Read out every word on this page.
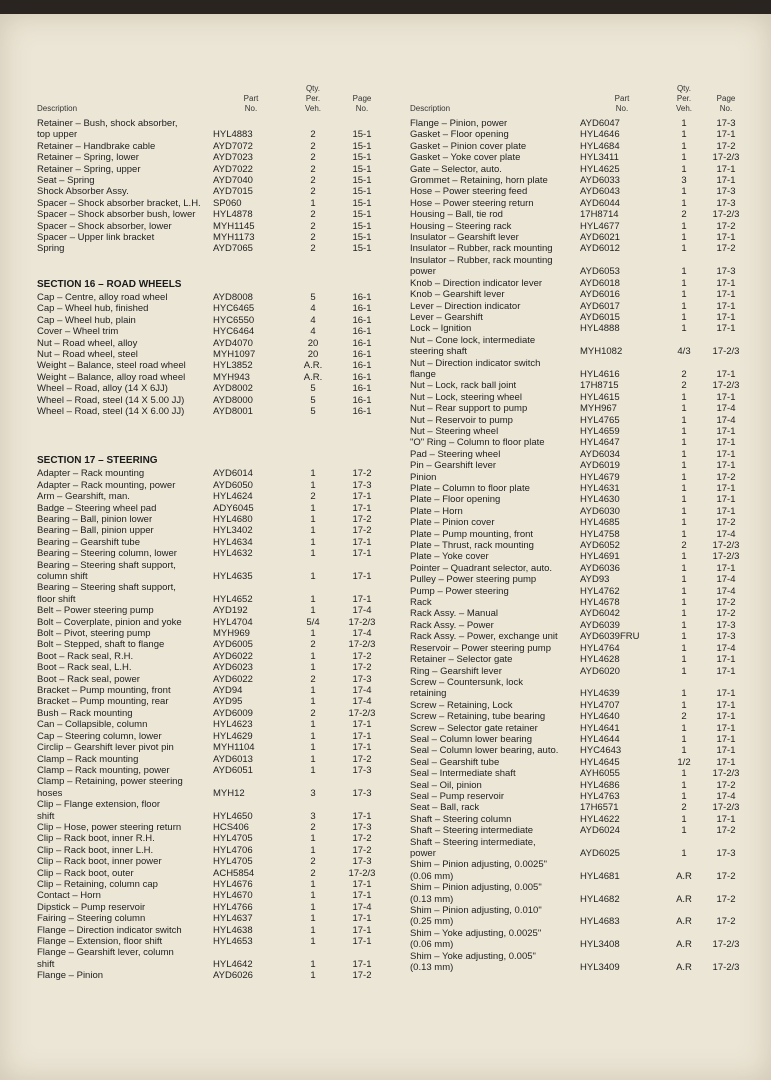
Description
Part
No.
Qty.
Per.
Veh.
Page
No.
Retainer – Bush, shock absorber,
top upper	HYL4883	2	15-1
Retainer – Handbrake cable	AYD7072	2	15-1
Retainer – Spring, lower	AYD7023	2	15-1
Retainer – Spring, upper	AYD7022	2	15-1
Seat – Spring	AYD7040	2	15-1
Shock Absorber Assy.	AYD7015	2	15-1
Spacer – Shock absorber bracket, L.H.	SP060	1	15-1
Spacer – Shock absorber bush, lower	HYL4878	2	15-1
Spacer – Shock absorber, lower	MYH1145	2	15-1
Spacer – Upper link bracket	MYH1173	2	15-1
Spring	AYD7065	2	15-1
SECTION 16 – ROAD WHEELS
Cap – Centre, alloy road wheel	AYD8008	5	16-1
Cap – Wheel hub, finished	HYC6465	4	16-1
Cap – Wheel hub, plain	HYC6550	4	16-1
Cover – Wheel trim	HYC6464	4	16-1
Nut – Road wheel, alloy	AYD4070	20	16-1
Nut – Road wheel, steel	MYH1097	20	16-1
Weight – Balance, steel road wheel	HYL3852	A.R.	16-1
Weight – Balance, alloy road wheel	MYH943	A.R.	16-1
Wheel – Road, alloy (14 X 6JJ)	AYD8002	5	16-1
Wheel – Road, steel (14 X 5.00 JJ)	AYD8000	5	16-1
Wheel – Road, steel (14 X 6.00 JJ)	AYD8001	5	16-1
SECTION 17 – STEERING
Adapter – Rack mounting	AYD6014	1	17-2
Adapter – Rack mounting, power	AYD6050	1	17-3
Arm – Gearshift, man.	HYL4624	2	17-1
Badge – Steering wheel pad	ADY6045	1	17-1
Bearing – Ball, pinion lower	HYL4680	1	17-2
Bearing – Ball, pinion upper	HYL3402	1	17-2
Bearing – Gearshift tube	HYL4634	1	17-1
Bearing – Steering column, lower	HYL4632	1	17-1
Bearing – Steering shaft support,
column shift	HYL4635	1	17-1
Bearing – Steering shaft support,
floor shift	HYL4652	1	17-1
Belt – Power steering pump	AYD192	1	17-4
Bolt – Coverplate, pinion and yoke	HYL4704	5/4	17-2/3
Bolt – Pivot, steering pump	MYH969	1	17-4
Bolt – Stepped, shaft to flange	AYD6005	2	17-2/3
Boot – Rack seal, R.H.	AYD6022	1	17-2
Boot – Rack seal, L.H.	AYD6023	1	17-2
Boot – Rack seal, power	AYD6022	2	17-3
Bracket – Pump mounting, front	AYD94	1	17-4
Bracket – Pump mounting, rear	AYD95	1	17-4
Bush – Rack mounting	AYD6009	2	17-2/3
Can – Collapsible, column	HYL4623	1	17-1
Cap – Steering column, lower	HYL4629	1	17-1
Circlip – Gearshift lever pivot pin	MYH1104	1	17-1
Clamp – Rack mounting	AYD6013	1	17-2
Clamp – Rack mounting, power	AYD6051	1	17-3
Clamp – Retaining, power steering
hoses	MYH12	3	17-3
Clip – Flange extension, floor
shift	HYL4650	3	17-1
Clip – Hose, power steering return	HCS406	2	17-3
Clip – Rack boot, inner R.H.	HYL4705	1	17-2
Clip – Rack boot, inner L.H.	HYL4706	1	17-2
Clip – Rack boot, inner power	HYL4705	2	17-3
Clip – Rack boot, outer	ACH5854	2	17-2/3
Clip – Retaining, column cap	HYL4676	1	17-1
Contact – Horn	HYL4670	1	17-1
Dipstick – Pump reservoir	HYL4766	1	17-4
Fairing – Steering column	HYL4637	1	17-1
Flange – Direction indicator switch	HYL4638	1	17-1
Flange – Extension, floor shift	HYL4653	1	17-1
Flange – Gearshift lever, column
shift	HYL4642	1	17-1
Flange – Pinion	AYD6026	1	17-2
Description
Part
No.
Qty.
Per.
Veh.
Page
No.
Flange – Pinion, power	AYD6047	1	17-3
Gasket – Floor opening	HYL4646	1	17-1
Gasket – Pinion cover plate	HYL4684	1	17-2
Gasket – Yoke cover plate	HYL3411	1	17-2/3
Gate – Selector, auto.	HYL4625	1	17-1
Grommet – Retaining, horn plate	AYD6033	3	17-1
Hose – Power steering feed	AYD6043	1	17-3
Hose – Power steering return	AYD6044	1	17-3
Housing – Ball, tie rod	17H8714	2	17-2/3
Housing – Steering rack	HYL4677	1	17-2
Insulator – Gearshift lever	AYD6021	1	17-1
Insulator – Rubber, rack mounting	AYD6012	1	17-2
Insulator – Rubber, rack mounting
power	AYD6053	1	17-3
Knob – Direction indicator lever	AYD6018	1	17-1
Knob – Gearshift lever	AYD6016	1	17-1
Lever – Direction indicator	AYD6017	1	17-1
Lever – Gearshift	AYD6015	1	17-1
Lock – Ignition	HYL4888	1	17-1
Nut – Cone lock, intermediate
steering shaft	MYH1082	4/3	17-2/3
Nut – Direction indicator switch
flange	HYL4616	2	17-1
Nut – Lock, rack ball joint	17H8715	2	17-2/3
Nut – Lock, steering wheel	HYL4615	1	17-1
Nut – Rear support to pump	MYH967	1	17-4
Nut – Reservoir to pump	HYL4765	1	17-4
Nut – Steering wheel	HYL4659	1	17-1
"O" Ring – Column to floor plate	HYL4647	1	17-1
Pad – Steering wheel	AYD6034	1	17-1
Pin – Gearshift lever	AYD6019	1	17-1
Pinion	HYL4679	1	17-2
Plate – Column to floor plate	HYL4631	1	17-1
Plate – Floor opening	HYL4630	1	17-1
Plate – Horn	AYD6030	1	17-1
Plate – Pinion cover	HYL4685	1	17-2
Plate – Pump mounting, front	HYL4758	1	17-4
Plate – Thrust, rack mounting	AYD6052	2	17-2/3
Plate – Yoke cover	HYL4691	1	17-2/3
Pointer – Quadrant selector, auto.	AYD6036	1	17-1
Pulley – Power steering pump	AYD93	1	17-4
Pump – Power steering	HYL4762	1	17-4
Rack	HYL4678	1	17-2
Rack Assy. – Manual	AYD6042	1	17-2
Rack Assy. – Power	AYD6039	1	17-3
Rack Assy. – Power, exchange unit	AYD6039FRU	1	17-3
Reservoir – Power steering pump	HYL4764	1	17-4
Retainer – Selector gate	HYL4628	1	17-1
Ring – Gearshift lever	AYD6020	1	17-1
Screw – Countersunk, lock
retaining	HYL4639	1	17-1
Screw – Retaining, Lock	HYL4707	1	17-1
Screw – Retaining, tube bearing	HYL4640	2	17-1
Screw – Selector gate retainer	HYL4641	1	17-1
Seal – Column lower bearing	HYL4644	1	17-1
Seal – Column lower bearing, auto.	HYC4643	1	17-1
Seal – Gearshift tube	HYL4645	1/2	17-1
Seal – Intermediate shaft	AYH6055	1	17-2/3
Seal – Oil, pinion	HYL4686	1	17-2
Seal – Pump reservoir	HYL4763	1	17-4
Seat – Ball, rack	17H6571	2	17-2/3
Shaft – Steering column	HYL4622	1	17-1
Shaft – Steering intermediate	AYD6024	1	17-2
Shaft – Steering intermediate,
power	AYD6025	1	17-3
Shim – Pinion adjusting, 0.0025"
(0.06 mm)	HYL4681	A.R	17-2
Shim – Pinion adjusting, 0.005"
(0.13 mm)	HYL4682	A.R	17-2
Shim – Pinion adjusting, 0.010"
(0.25 mm)	HYL4683	A.R	17-2
Shim – Yoke adjusting, 0.0025"
(0.06 mm)	HYL3408	A.R	17-2/3
Shim – Yoke adjusting, 0.005"
(0.13 mm)	HYL3409	A.R	17-2/3
